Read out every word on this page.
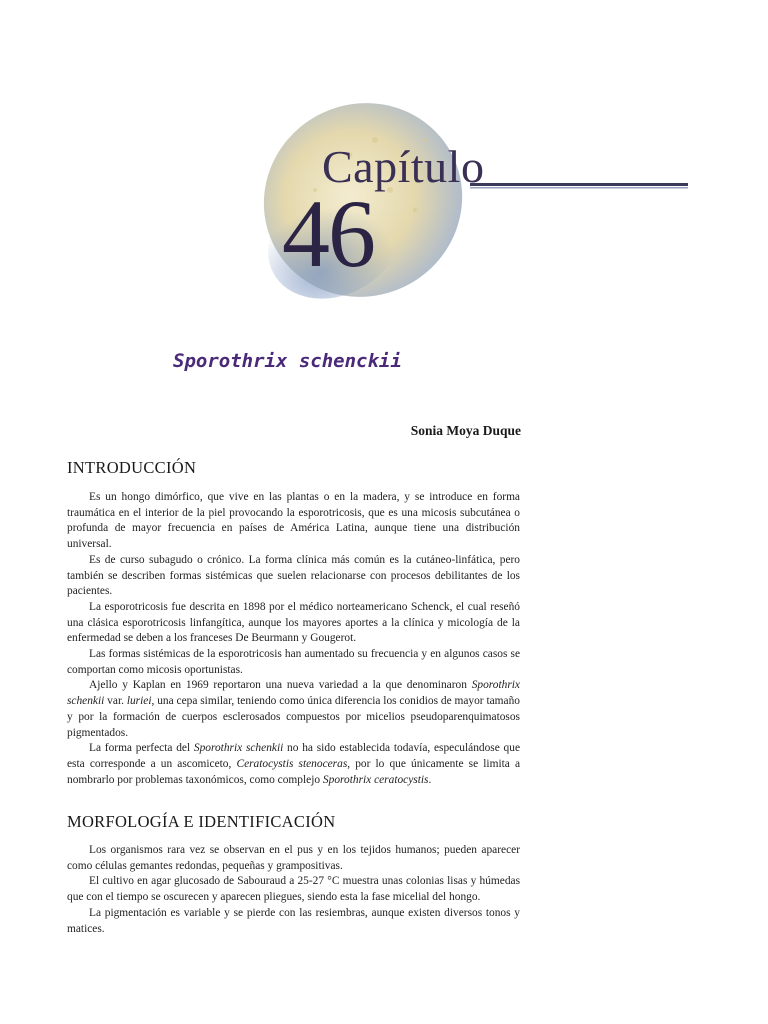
Capítulo
46
Sporothrix schenckii
Sonia Moya Duque
INTRODUCCIÓN

Es un hongo dimórfico, que vive en las plantas o en la madera, y se introduce en forma traumática en el interior de la piel provocando la esporotricosis, que es una micosis subcutánea o profunda de mayor frecuencia en países de América Latina, aunque tiene una distribución universal.

Es de curso subagudo o crónico. La forma clínica más común es la cutáneo-linfática, pero también se describen formas sistémicas que suelen relacionarse con procesos debilitantes de los pacientes.

La esporotricosis fue descrita en 1898 por el médico norteamericano Schenck, el cual reseñó una clásica esporotricosis linfangítica, aunque los mayores aportes a la clínica y micología de la enfermedad se deben a los franceses De Beurmann y Gougerot.

Las formas sistémicas de la esporotricosis han aumentado su frecuencia y en algunos casos se comportan como micosis oportunistas.

Ajello y Kaplan en 1969 reportaron una nueva variedad a la que denominaron Sporothrix schenkii var. luriei, una cepa similar, teniendo como única diferencia los conidios de mayor tamaño y por la formación de cuerpos esclerosados compuestos por micelios pseudoparenquimatosos pigmentados.

La forma perfecta del Sporothrix schenkii no ha sido establecida todavía, especulándose que esta corresponde a un ascomiceto, Ceratocystis stenoceras, por lo que únicamente se limita a nombrarlo por problemas taxonómicos, como complejo Sporothrix ceratocystis.

MORFOLOGÍA E IDENTIFICACIÓN

Los organismos rara vez se observan en el pus y en los tejidos humanos; pueden aparecer como células gemantes redondas, pequeñas y grampositivas.

El cultivo en agar glucosado de Sabouraud a 25-27 °C muestra unas colonias lisas y húmedas que con el tiempo se oscurecen y aparecen pliegues, siendo esta la fase micelial del hongo.

La pigmentación es variable y se pierde con las resiembras, aunque existen diversos tonos y matices.
